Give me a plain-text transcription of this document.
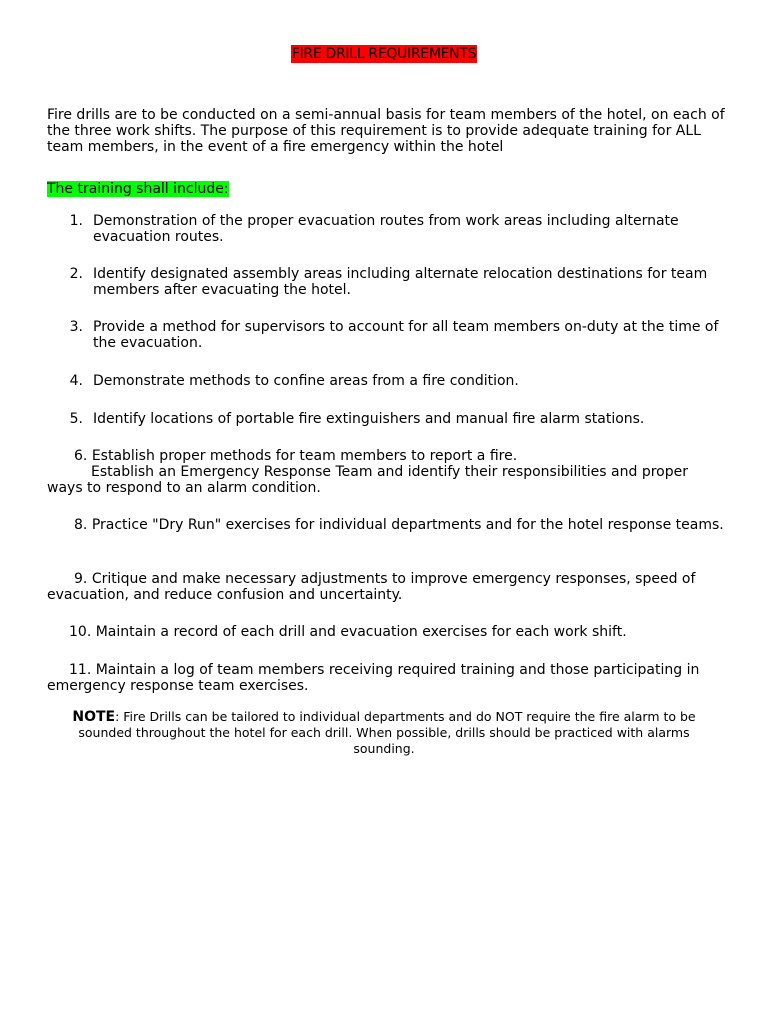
FIRE DRILL REQUIREMENTS

Fire drills are to be conducted on a semi-annual basis for team members of the hotel, on each of the three work shifts. The purpose of this requirement is to provide adequate training for ALL team members, in the event of a fire emergency within the hotel

The training shall include:

1. Demonstration of the proper evacuation routes from work areas including alternate evacuation routes.
2. Identify designated assembly areas including alternate relocation destinations for team members after evacuating the hotel.
3. Provide a method for supervisors to account for all team members on-duty at the time of the evacuation.
4. Demonstrate methods to confine areas from a fire condition.
5. Identify locations of portable fire extinguishers and manual fire alarm stations.

6. Establish proper methods for team members to report a fire.
Establish an Emergency Response Team and identify their responsibilities and proper ways to respond to an alarm condition.

8. Practice "Dry Run" exercises for individual departments and for the hotel response teams.

9. Critique and make necessary adjustments to improve emergency responses, speed of evacuation, and reduce confusion and uncertainty.

10. Maintain a record of each drill and evacuation exercises for each work shift.

11. Maintain a log of team members receiving required training and those participating in emergency response team exercises.

NOTE: Fire Drills can be tailored to individual departments and do NOT require the fire alarm to be sounded throughout the hotel for each drill. When possible, drills should be practiced with alarms sounding.
